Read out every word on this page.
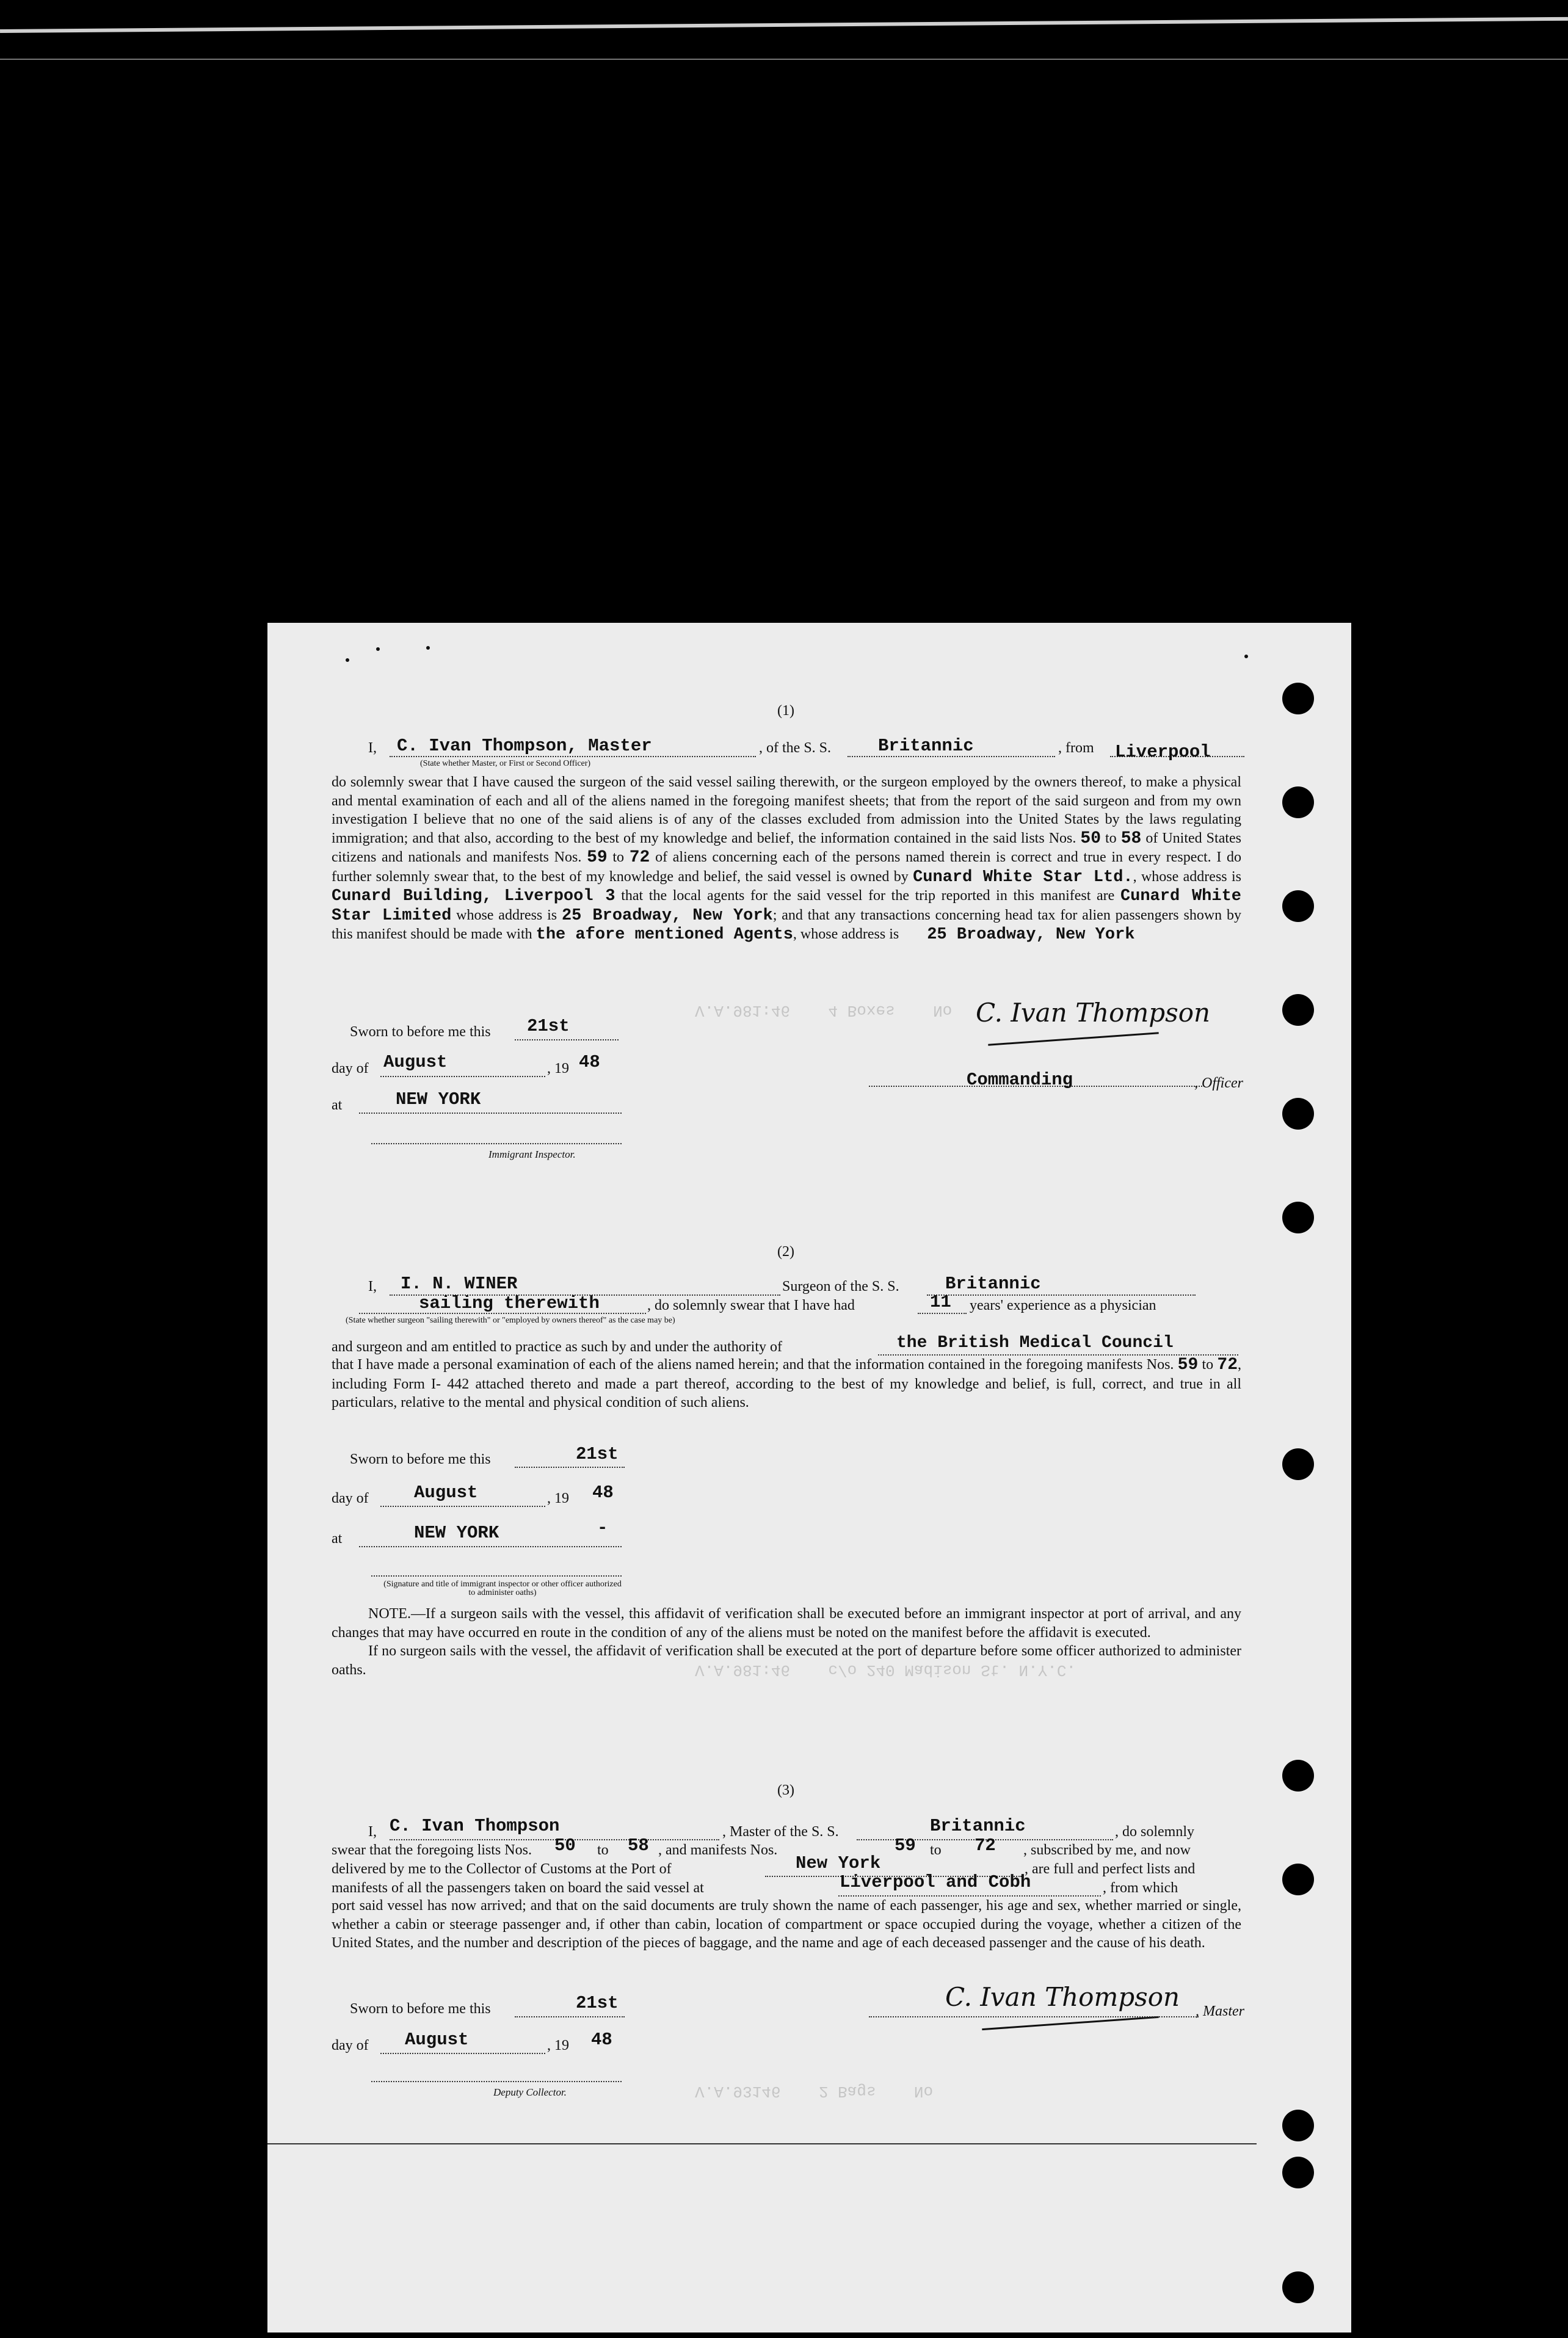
V.A.981:46    4 Boxes    No
V.A.981:46    c/o 240 Madison St. N.Y.C.
V.A.93146    2 Bags    No
(1)
I, C. Ivan Thompson, Master
(State whether Master, or First or Second Officer)
, of the S. S.	Britannic	, from Liverpool

do solemnly swear that I have caused the surgeon of the said vessel sailing therewith, or the surgeon employed by the owners thereof, to make a physical and mental examination of each and all of the aliens named in the foregoing manifest sheets; that from the report of the said surgeon and from my own investigation I believe that no one of the said aliens is of any of the classes excluded from admission into the United States by the laws regulating immigration; and that also, according to the best of my knowledge and belief, the information contained in the said lists Nos. 50 to 58 of United States citizens and nationals and manifests Nos. 59 to 72 of aliens concerning each of the persons named therein is correct and true in every respect. I do further solemnly swear that, to the best of my knowledge and belief, the said vessel is owned by Cunard White Star Ltd., whose address is Cunard Building, Liverpool 3 that the local agents for the said vessel for the trip reported in this manifest are Cunard White Star Limited whose address is 25 Broadway, New York; and that any transactions concerning head tax for alien passengers shown by this manifest should be made with the afore mentioned Agents, whose address is 25 Broadway, New York

Sworn to before me this 21st
day of August	, 19 48
at	NEW YORK
Immigrant Inspector.
C. Ivan Thompson
Commanding	, Officer
(2)
I, I. N. WINER	Surgeon of the S. S.	Britannic
sailing therewith	, do solemnly swear that I have had	11 years' experience as a physician
(State whether surgeon "sailing therewith" or "employed by owners thereof" as the case may be)
and surgeon and am entitled to practice as such by and under the authority of	the British Medical Council

that I have made a personal examination of each of the aliens named herein; and that the information contained in the foregoing manifests Nos. 59 to 72, including Form I- 442 attached thereto and made a part thereof, according to the best of my knowledge and belief, is full, correct, and true in all particulars, relative to the mental and physical condition of such aliens.

Sworn to before me this	21st
day of	August	, 19 48
at	NEW YORK	-
(Signature and title of immigrant inspector or other officer authorized to administer oaths)

NOTE.—If a surgeon sails with the vessel, this affidavit of verification shall be executed before an immigrant inspector at port of arrival, and any changes that may have occurred en route in the condition of any of the aliens must be noted on the manifest before the affidavit is executed.

If no surgeon sails with the vessel, the affidavit of verification shall be executed at the port of departure before some officer authorized to administer oaths.

(3)
I, C. Ivan Thompson	, Master of the S. S.	Britannic	, do solemnly
swear that the foregoing lists Nos. 50 to 58 , and manifests Nos.	59 to 72 , subscribed by me, and now
delivered by me to the Collector of Customs at the Port of	New York	, are full and perfect lists and
manifests of all the passengers taken on board the said vessel at	Liverpool and Cobh	, from which
port said vessel has now arrived; and that on the said documents are truly shown the name of each passenger, his age and sex, whether married or single, whether a cabin or steerage passenger and, if other than cabin, location of compartment or space occupied during the voyage, whether a citizen of the United States, and the number and description of the pieces of baggage, and the name and age of each deceased passenger and the cause of his death.
Sworn to before me this	21st
day of August	, 19 48
Deputy Collector.
C. Ivan Thompson , Master
